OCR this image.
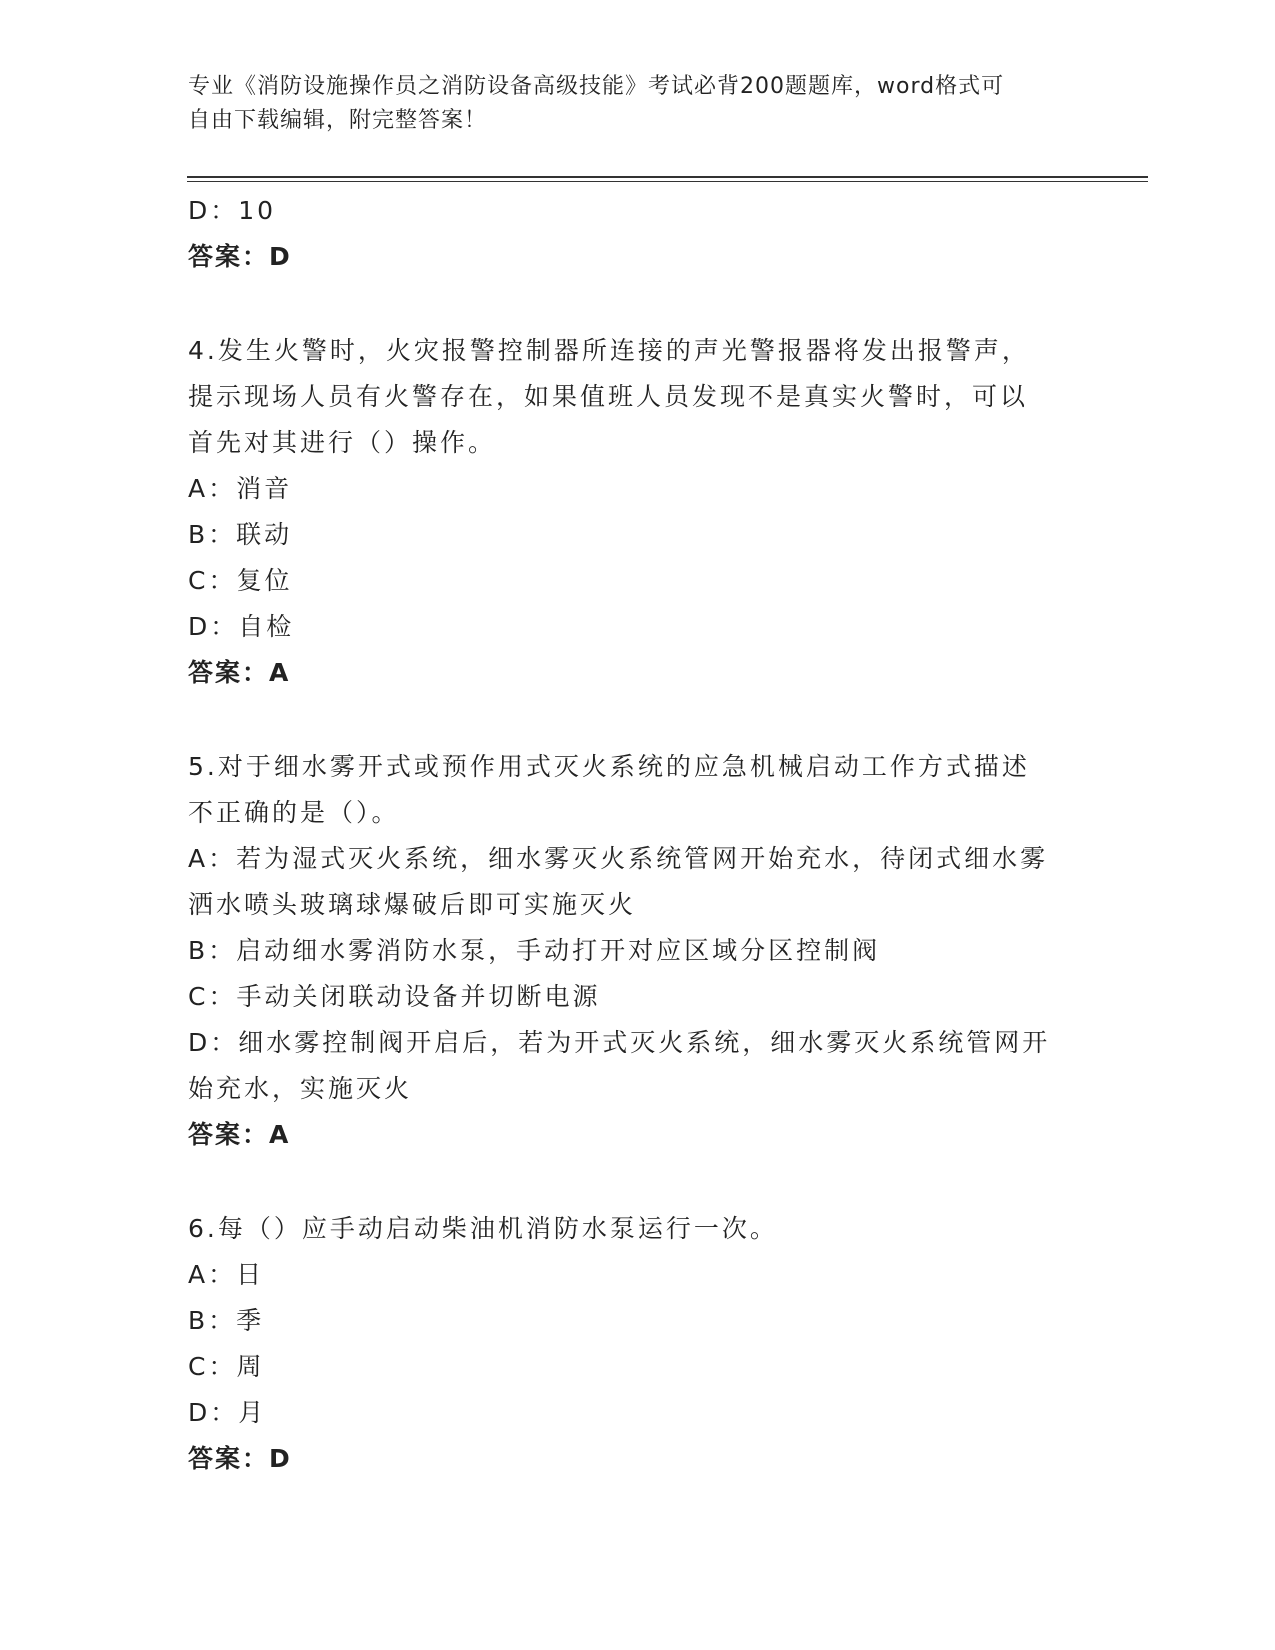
专业《消防设施操作员之消防设备高级技能》考试必背200题题库，word格式可
自由下载编辑，附完整答案！
D：10
答案：D
4.发生火警时，火灾报警控制器所连接的声光警报器将发出报警声，
提示现场人员有火警存在，如果值班人员发现不是真实火警时，可以
首先对其进行（）操作。
A：消音
B：联动
C：复位
D：自检
答案：A
5.对于细水雾开式或预作用式灭火系统的应急机械启动工作方式描述
不正确的是（）。
A：若为湿式灭火系统，细水雾灭火系统管网开始充水，待闭式细水雾
洒水喷头玻璃球爆破后即可实施灭火
B：启动细水雾消防水泵，手动打开对应区域分区控制阀
C：手动关闭联动设备并切断电源
D：细水雾控制阀开启后，若为开式灭火系统，细水雾灭火系统管网开
始充水，实施灭火
答案：A
6.每（）应手动启动柴油机消防水泵运行一次。
A：日
B：季
C：周
D：月
答案：D
